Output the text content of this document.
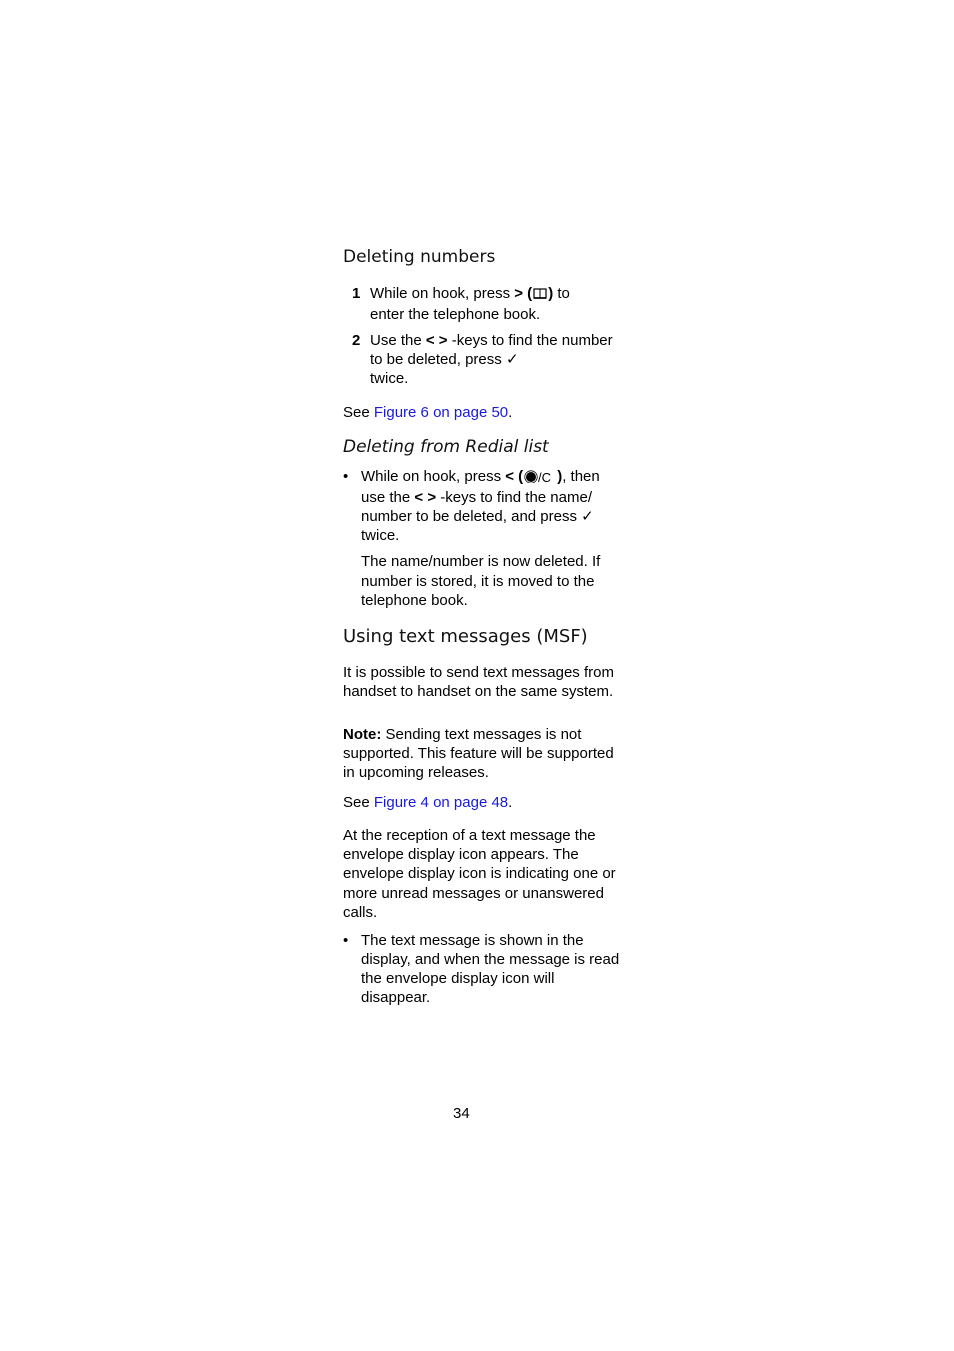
Deleting numbers
1 While on hook, press > ( ) to
enter the telephone book.
2 Use the < > -keys to find the number to be deleted, press ✓
twice.
See Figure 6 on page 50.
Deleting from Redial list
• While on hook, press < ( /C ), then use the < > -keys to find the name/ number to be deleted, and press ✓
twice.
The name/number is now deleted. If number is stored, it is moved to the telephone book.
Using text messages (MSF)
It is possible to send text messages from handset to handset on the same system.
Note: Sending text messages is not supported. This feature will be supported in upcoming releases.
See Figure 4 on page 48.
At the reception of a text message the envelope display icon appears. The envelope display icon is indicating one or more unread messages or unanswered calls.
• The text message is shown in the display, and when the message is read the envelope display icon will disappear.
34
